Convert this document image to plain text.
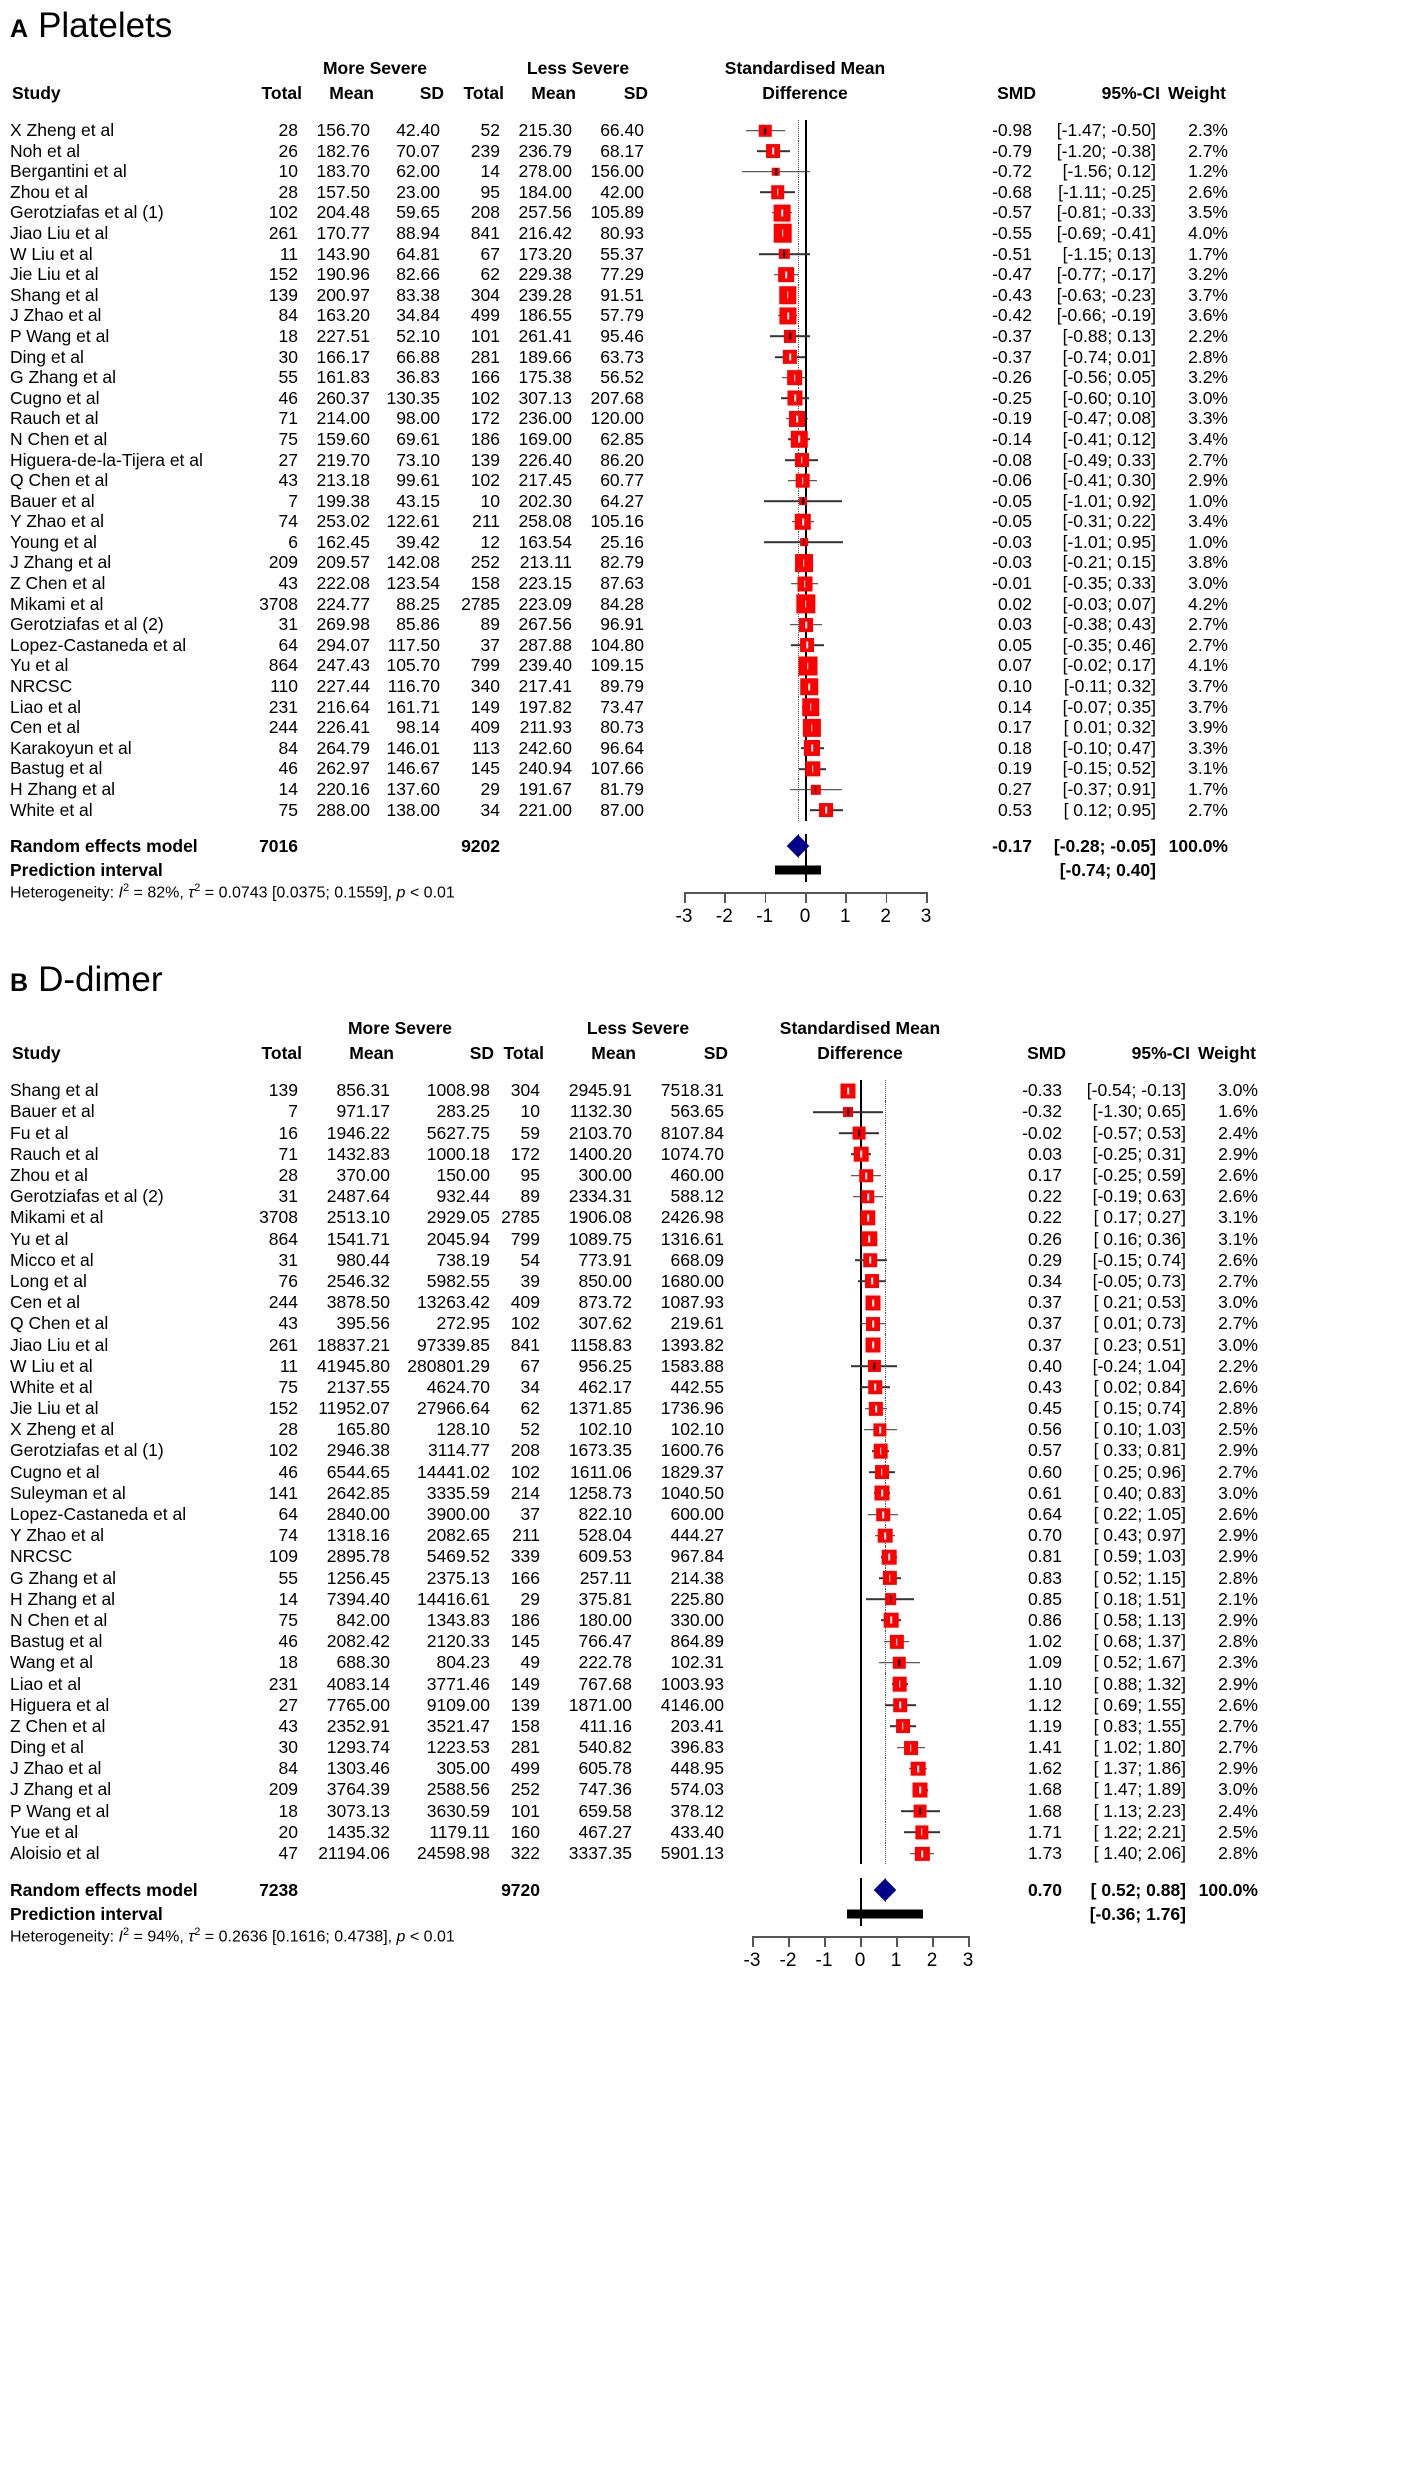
A Platelets
More Severe	Less Severe	Standardised Mean
Study	Total	Mean	SD	Total	Mean	SD	Difference	SMD	95%-CI Weight
X Zheng et al	28	156.70	42.40	52	215.30	66.40	-0.98	[-1.47; -0.50]	2.3%
Noh et al	26	182.76	70.07	239	236.79	68.17	-0.79	[-1.20; -0.38]	2.7%
Bergantini et al	10	183.70	62.00	14	278.00	156.00	-0.72	[-1.56; 0.12]	1.2%
Zhou et al	28	157.50	23.00	95	184.00	42.00	-0.68	[-1.11; -0.25]	2.6%
Gerotziafas et al (1)	102	204.48	59.65	208	257.56	105.89	-0.57	[-0.81; -0.33]	3.5%
Jiao Liu et al	261	170.77	88.94	841	216.42	80.93	-0.55	[-0.69; -0.41]	4.0%
W Liu et al	11	143.90	64.81	67	173.20	55.37	-0.51	[-1.15; 0.13]	1.7%
Jie Liu et al	152	190.96	82.66	62	229.38	77.29	-0.47	[-0.77; -0.17]	3.2%
Shang et al	139	200.97	83.38	304	239.28	91.51	-0.43	[-0.63; -0.23]	3.7%
J Zhao et al	84	163.20	34.84	499	186.55	57.79	-0.42	[-0.66; -0.19]	3.6%
P Wang et al	18	227.51	52.10	101	261.41	95.46	-0.37	[-0.88; 0.13]	2.2%
Ding et al	30	166.17	66.88	281	189.66	63.73	-0.37	[-0.74; 0.01]	2.8%
G Zhang et al	55	161.83	36.83	166	175.38	56.52	-0.26	[-0.56; 0.05]	3.2%
Cugno et al	46	260.37 130.35	102	307.13	207.68	-0.25	[-0.60; 0.10]	3.0%
Rauch et al	71	214.00	98.00	172	236.00	120.00	-0.19	[-0.47; 0.08]	3.3%
N Chen et al	75	159.60	69.61	186	169.00	62.85	-0.14	[-0.41; 0.12]	3.4%
Higuera-de-la-Tijera et al	27	219.70	73.10	139	226.40	86.20	-0.08	[-0.49; 0.33]	2.7%
Q Chen et al	43	213.18	99.61	102	217.45	60.77	-0.06	[-0.41; 0.30]	2.9%
Bauer et al	7	199.38	43.15	10	202.30	64.27	-0.05	[-1.01; 0.92]	1.0%
Y Zhao et al	74	253.02 122.61	211	258.08	105.16	-0.05	[-0.31; 0.22]	3.4%
Young et al	6	162.45	39.42	12	163.54	25.16	-0.03	[-1.01; 0.95]	1.0%
J Zhang et al	209	209.57 142.08	252	213.11	82.79	-0.03	[-0.21; 0.15]	3.8%
Z Chen et al	43	222.08 123.54	158	223.15	87.63	-0.01	[-0.35; 0.33]	3.0%
Mikami et al	3708	224.77	88.25	2785	223.09	84.28	0.02	[-0.03; 0.07]	4.2%
Gerotziafas et al (2)	31	269.98	85.86	89	267.56	96.91	0.03	[-0.38; 0.43]	2.7%
Lopez-Castaneda et al	64	294.07	117.50	37	287.88	104.80	0.05	[-0.35; 0.46]	2.7%
Yu et al	864	247.43 105.70	799	239.40	109.15	0.07	[-0.02; 0.17]	4.1%
NRCSC	110	227.44	116.70	340	217.41	89.79	0.10	[-0.11; 0.32]	3.7%
Liao et al	231	216.64 161.71	149	197.82	73.47	0.14	[-0.07; 0.35]	3.7%
Cen et al	244	226.41	98.14	409	211.93	80.73	0.17	[ 0.01; 0.32]	3.9%
Karakoyun et al	84	264.79 146.01	113	242.60	96.64	0.18	[-0.10; 0.47]	3.3%
Bastug et al	46	262.97 146.67	145	240.94	107.66	0.19	[-0.15; 0.52]	3.1%
H Zhang et al	14	220.16 137.60	29	191.67	81.79	0.27	[-0.37; 0.91]	1.7%
White et al	75	288.00 138.00	34	221.00	87.00	0.53	[ 0.12; 0.95]	2.7%
Random effects model	7016	9202	-0.17	[-0.28; -0.05] 100.0%
Prediction interval	[-0.74; 0.40]
Heterogeneity: $I^2 = 82\%$, $\tau^2 = 0.0743$ [0.0375; 0.1559], p < 0.01
-3 -2 -1 0 1 2 3
B D-dimer
More Severe	Less Severe	Standardised Mean
Study	Total	Mean	SD Total	Mean	SD	Difference	SMD	95%-CI Weight
Shang et al	139	856.31	1008.98	304	2945.91	7518.31	-0.33	[-0.54; -0.13]	3.0%
Bauer et al	7	971.17	283.25	10	1132.30	563.65	-0.32	[-1.30; 0.65]	1.6%
Fu et al	16	1946.22	5627.75	59	2103.70	8107.84	-0.02	[-0.57; 0.53]	2.4%
Rauch et al	71	1432.83	1000.18	172	1400.20	1074.70	0.03	[-0.25; 0.31]	2.9%
Zhou et al	28	370.00	150.00	95	300.00	460.00	0.17	[-0.25; 0.59]	2.6%
Gerotziafas et al (2)	31	2487.64	932.44	89	2334.31	588.12	0.22	[-0.19; 0.63]	2.6%
Mikami et al	3708	2513.10	2929.05 2785	1906.08	2426.98	0.22	[ 0.17; 0.27]	3.1%
Yu et al	864	1541.71	2045.94	799	1089.75	1316.61	0.26	[ 0.16; 0.36]	3.1%
Micco et al	31	980.44	738.19	54	773.91	668.09	0.29	[-0.15; 0.74]	2.6%
Long et al	76	2546.32	5982.55	39	850.00	1680.00	0.34	[-0.05; 0.73]	2.7%
Cen et al	244	3878.50	13263.42	409	873.72	1087.93	0.37	[ 0.21; 0.53]	3.0%
Q Chen et al	43	395.56	272.95	102	307.62	219.61	0.37	[ 0.01; 0.73]	2.7%
Jiao Liu et al	261	18837.21	97339.85	841	1158.83	1393.82	0.37	[ 0.23; 0.51]	3.0%
W Liu et al	11	41945.80 280801.29	67	956.25	1583.88	0.40	[-0.24; 1.04]	2.2%
White et al	75	2137.55	4624.70	34	462.17	442.55	0.43	[ 0.02; 0.84]	2.6%
Jie Liu et al	152	11952.07	27966.64	62	1371.85	1736.96	0.45	[ 0.15; 0.74]	2.8%
X Zheng et al	28	165.80	128.10	52	102.10	102.10	0.56	[ 0.10; 1.03]	2.5%
Gerotziafas et al (1)	102	2946.38	3114.77	208	1673.35	1600.76	0.57	[ 0.33; 0.81]	2.9%
Cugno et al	46	6544.65	14441.02	102	1611.06	1829.37	0.60	[ 0.25; 0.96]	2.7%
Suleyman et al	141	2642.85	3335.59	214	1258.73	1040.50	0.61	[ 0.40; 0.83]	3.0%
Lopez-Castaneda et al	64	2840.00	3900.00	37	822.10	600.00	0.64	[ 0.22; 1.05]	2.6%
Y Zhao et al	74	1318.16	2082.65	211	528.04	444.27	0.70	[ 0.43; 0.97]	2.9%
NRCSC	109	2895.78	5469.52	339	609.53	967.84	0.81	[ 0.59; 1.03]	2.9%
G Zhang et al	55	1256.45	2375.13	166	257.11	214.38	0.83	[ 0.52; 1.15]	2.8%
H Zhang et al	14	7394.40	14416.61	29	375.81	225.80	0.85	[ 0.18; 1.51]	2.1%
N Chen et al	75	842.00	1343.83	186	180.00	330.00	0.86	[ 0.58; 1.13]	2.9%
Bastug et al	46	2082.42	2120.33	145	766.47	864.89	1.02	[ 0.68; 1.37]	2.8%
Wang et al	18	688.30	804.23	49	222.78	102.31	1.09	[ 0.52; 1.67]	2.3%
Liao et al	231	4083.14	3771.46	149	767.68	1003.93	1.10	[ 0.88; 1.32]	2.9%
Higuera et al	27	7765.00	9109.00	139	1871.00	4146.00	1.12	[ 0.69; 1.55]	2.6%
Z Chen et al	43	2352.91	3521.47	158	411.16	203.41	1.19	[ 0.83; 1.55]	2.7%
Ding et al	30	1293.74	1223.53	281	540.82	396.83	1.41	[ 1.02; 1.80]	2.7%
J Zhao et al	84	1303.46	305.00	499	605.78	448.95	1.62	[ 1.37; 1.86]	2.9%
J Zhang et al	209	3764.39	2588.56	252	747.36	574.03	1.68	[ 1.47; 1.89]	3.0%
P Wang et al	18	3073.13	3630.59	101	659.58	378.12	1.68	[ 1.13; 2.23]	2.4%
Yue et al	20	1435.32	1179.11	160	467.27	433.40	1.71	[ 1.22; 2.21]	2.5%
Aloisio et al	47	21194.06	24598.98	322	3337.35	5901.13	1.73	[ 1.40; 2.06]	2.8%
Random effects model	7238	9720	0.70	[ 0.52; 0.88] 100.0%
Prediction interval	[-0.36; 1.76]
Heterogeneity: $I^2 = 94\%$, $\tau^2 = 0.2636$ [0.1616; 0.4738], p < 0.01
-3 -2 -1 0 1 2 3
